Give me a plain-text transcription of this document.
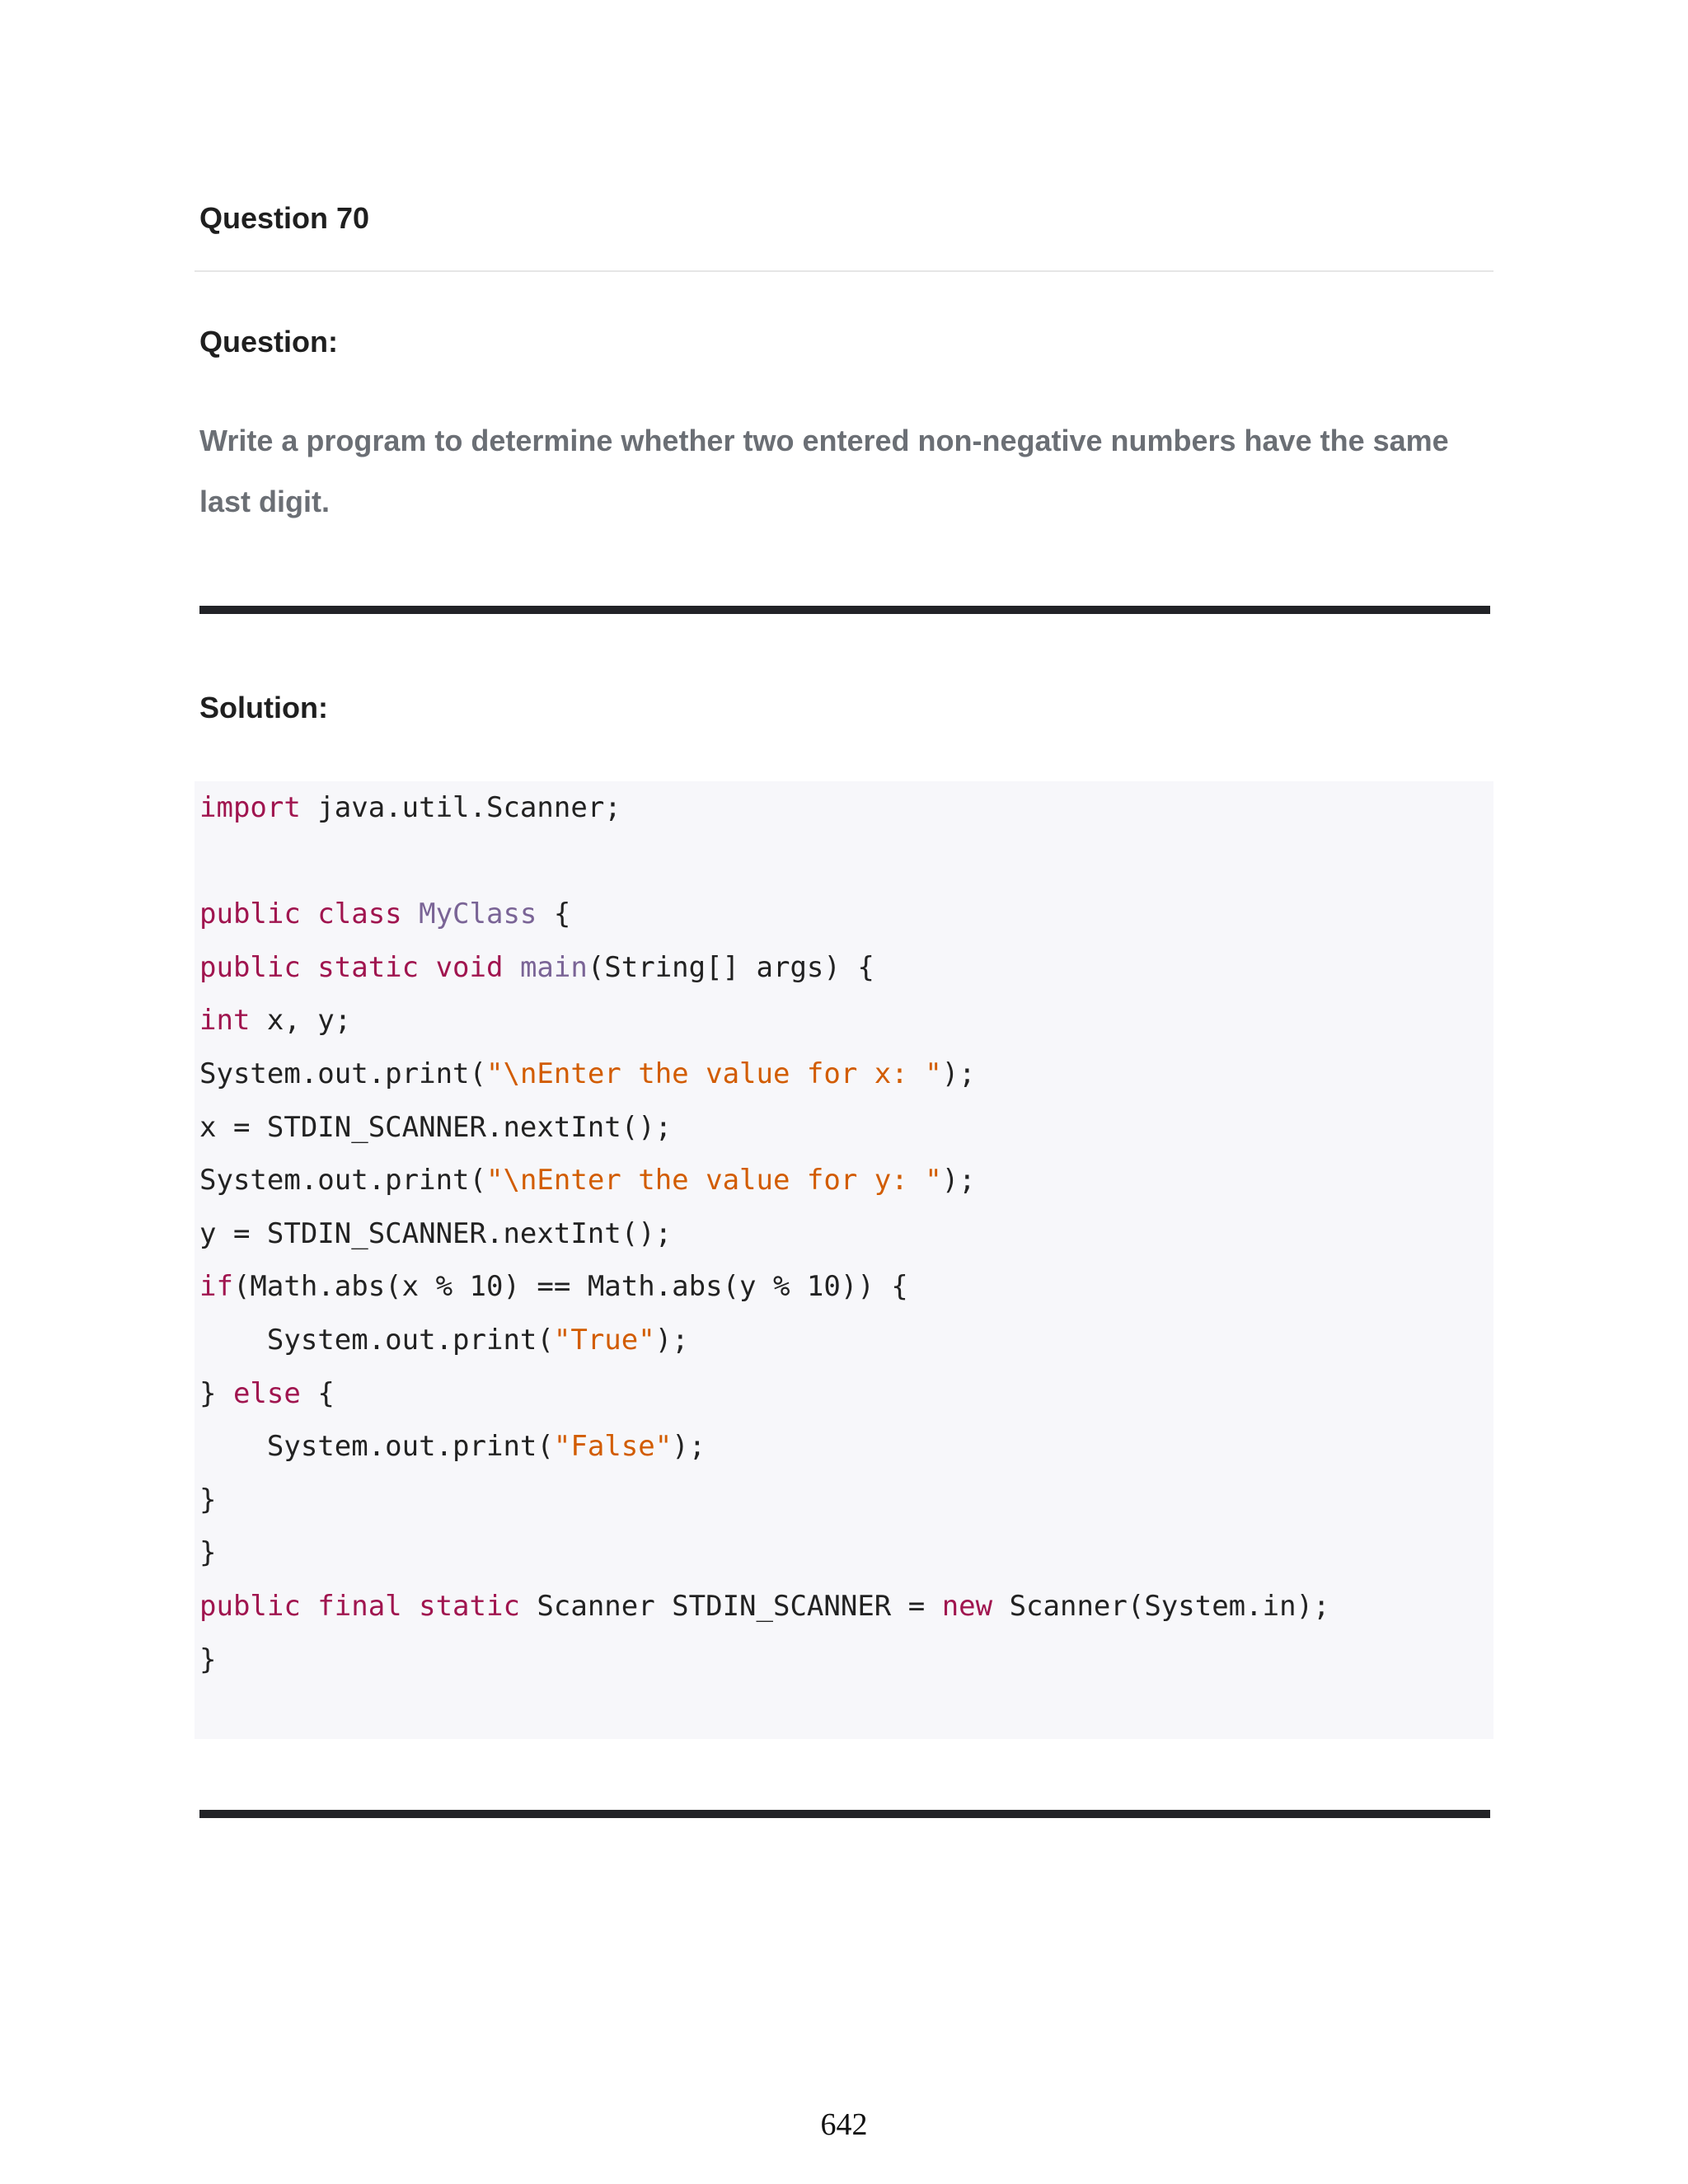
Question 70
Question:
Write a program to determine whether two entered non-negative numbers have the same last digit.
Solution:
import java.util.Scanner;

public class MyClass {
public static void main(String[] args) {
int x, y;
System.out.print("\nEnter the value for x: ");
x = STDIN_SCANNER.nextInt();
System.out.print("\nEnter the value for y: ");
y = STDIN_SCANNER.nextInt();
if(Math.abs(x % 10) == Math.abs(y % 10)) {
System.out.print("True");
} else {
System.out.print("False");
}
}
public final static Scanner STDIN_SCANNER = new Scanner(System.in);
}
642
